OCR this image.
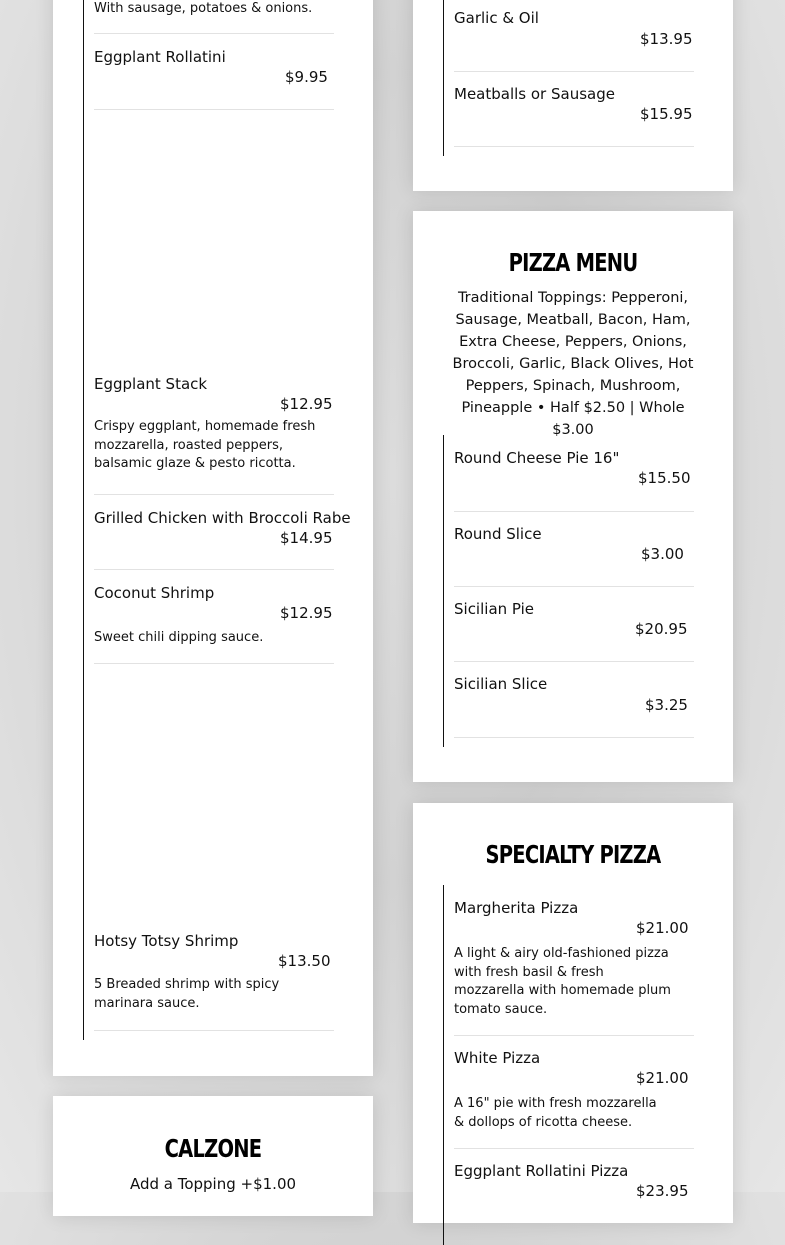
With sausage, potatoes & onions.
Eggplant Rollatini
$9.95
Eggplant Stack
$12.95
Crispy eggplant, homemade fresh mozzarella, roasted peppers, balsamic glaze & pesto ricotta.
Grilled Chicken with Broccoli Rabe
$14.95
Coconut Shrimp
$12.95
Sweet chili dipping sauce.
Hotsy Totsy Shrimp
$13.50
5 Breaded shrimp with spicy marinara sauce.
CALZONE
Add a Topping +$1.00
Garlic & Oil
$13.95
Meatballs or Sausage
$15.95
PIZZA MENU
Traditional Toppings: Pepperoni, Sausage, Meatball, Bacon, Ham, Extra Cheese, Peppers, Onions, Broccoli, Garlic, Black Olives, Hot Peppers, Spinach, Mushroom, Pineapple • Half $2.50 | Whole $3.00
Round Cheese Pie 16"
$15.50
Round Slice
$3.00
Sicilian Pie
$20.95
Sicilian Slice
$3.25
SPECIALTY PIZZA
Margherita Pizza
$21.00
A light & airy old-fashioned pizza with fresh basil & fresh mozzarella with homemade plum tomato sauce.
White Pizza
$21.00
A 16" pie with fresh mozzarella & dollops of ricotta cheese.
Eggplant Rollatini Pizza
$23.95
